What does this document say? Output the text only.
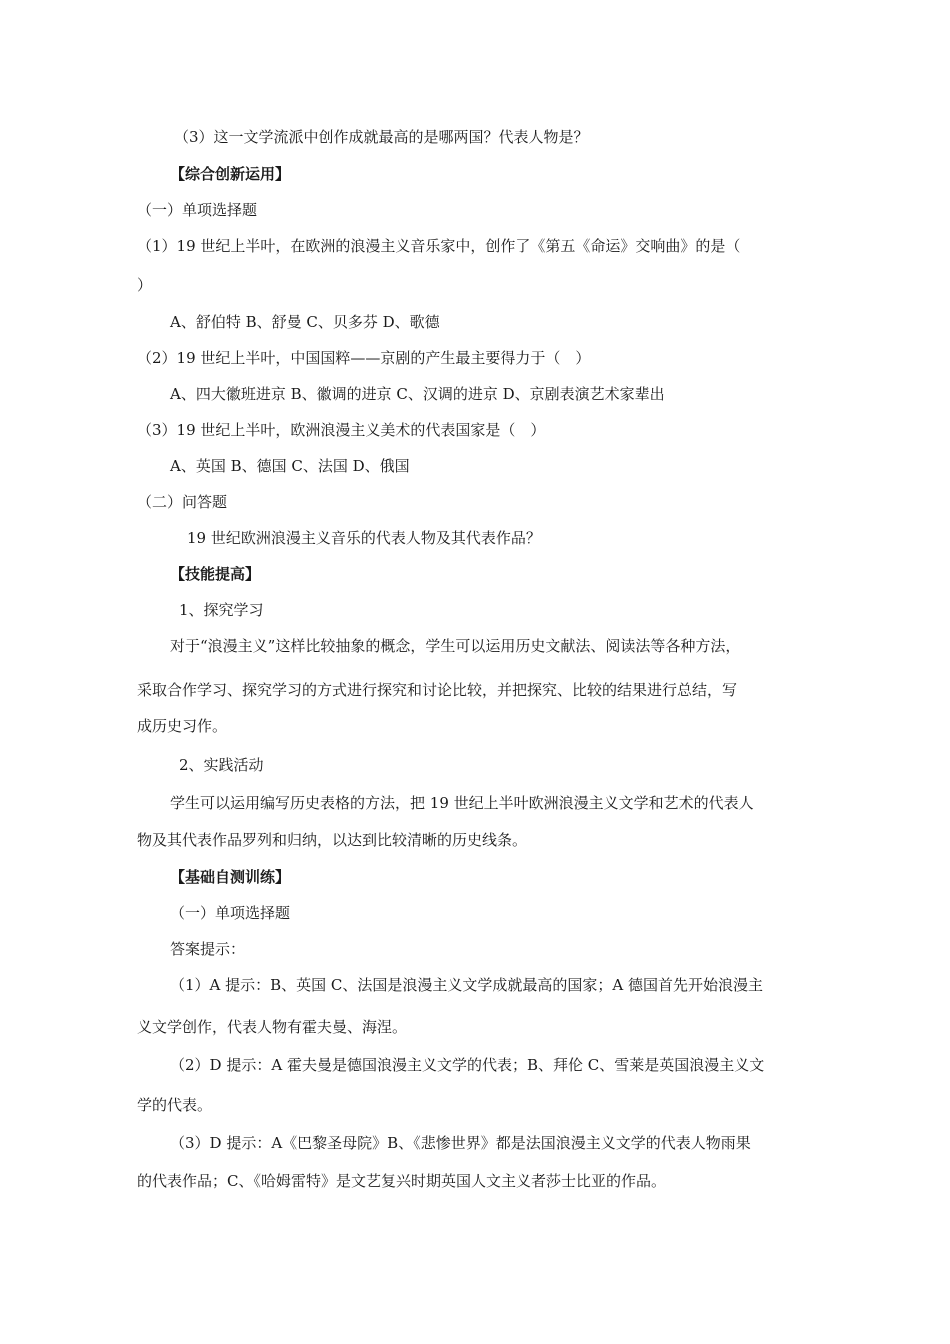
（3）这一文学流派中创作成就最高的是哪两国？代表人物是？
【综合创新运用】
（一）单项选择题
（1）19 世纪上半叶，在欧洲的浪漫主义音乐家中，创作了《第五《命运》交响曲》的是（
）
A、舒伯特 B、舒曼 C、贝多芬 D、歌德
（2）19 世纪上半叶，中国国粹——京剧的产生最主要得力于（　）
A、四大徽班进京 B、徽调的进京 C、汉调的进京 D、京剧表演艺术家辈出
（3）19 世纪上半叶，欧洲浪漫主义美术的代表国家是（　）
A、英国 B、德国 C、法国 D、俄国
（二）问答题
19 世纪欧洲浪漫主义音乐的代表人物及其代表作品？
【技能提高】
1、探究学习
对于“浪漫主义”这样比较抽象的概念，学生可以运用历史文献法、阅读法等各种方法，
采取合作学习、探究学习的方式进行探究和讨论比较，并把探究、比较的结果进行总结，写
成历史习作。
2、实践活动
学生可以运用编写历史表格的方法，把 19 世纪上半叶欧洲浪漫主义文学和艺术的代表人
物及其代表作品罗列和归纳，以达到比较清晰的历史线条。
【基础自测训练】
（一）单项选择题
答案提示：
（1）A 提示：B、英国 C、法国是浪漫主义文学成就最高的国家；A 德国首先开始浪漫主
义文学创作，代表人物有霍夫曼、海涅。
（2）D 提示：A 霍夫曼是德国浪漫主义文学的代表；B、拜伦 C、雪莱是英国浪漫主义文
学的代表。
（3）D 提示：A《巴黎圣母院》B、《悲惨世界》都是法国浪漫主义文学的代表人物雨果
的代表作品；C、《哈姆雷特》是文艺复兴时期英国人文主义者莎士比亚的作品。
